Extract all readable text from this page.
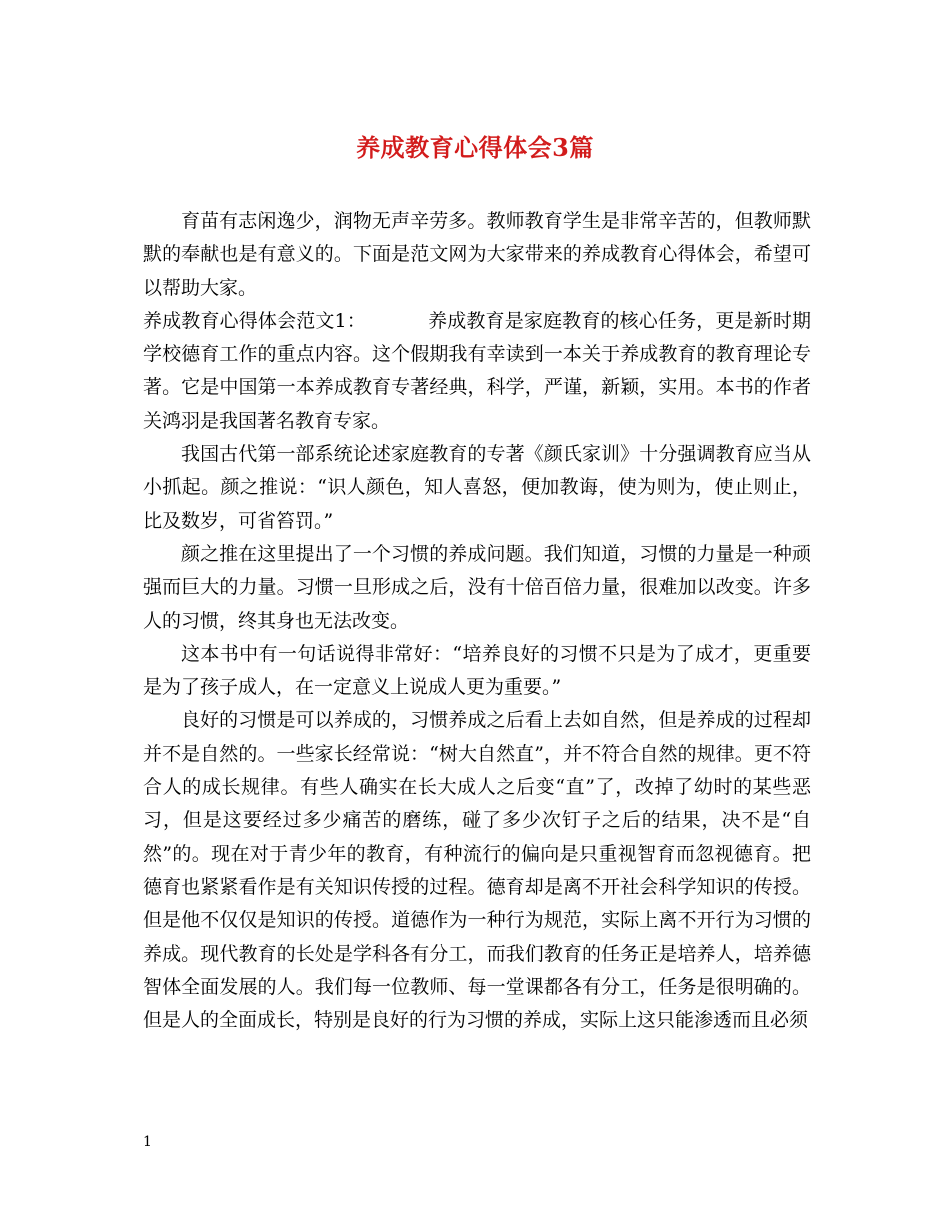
养成教育心得体会3篇

育苗有志闲逸少，润物无声辛劳多。教师教育学生是非常辛苦的，但教师默默的奉献也是有意义的。下面是范文网为大家带来的养成教育心得体会，希望可以帮助大家。

养成教育心得体会范文1：	养成教育是家庭教育的核心任务，更是新时期学校德育工作的重点内容。这个假期我有幸读到一本关于养成教育的教育理论专著。它是中国第一本养成教育专著经典，科学，严谨，新颖，实用。本书的作者关鸿羽是我国著名教育专家。

我国古代第一部系统论述家庭教育的专著《颜氏家训》十分强调教育应当从小抓起。颜之推说：“识人颜色，知人喜怒，便加教诲，使为则为，使止则止，比及数岁，可省笞罚。”

颜之推在这里提出了一个习惯的养成问题。我们知道，习惯的力量是一种顽强而巨大的力量。习惯一旦形成之后，没有十倍百倍力量，很难加以改变。许多人的习惯，终其身也无法改变。

这本书中有一句话说得非常好：“培养良好的习惯不只是为了成才，更重要是为了孩子成人，在一定意义上说成人更为重要。”

良好的习惯是可以养成的，习惯养成之后看上去如自然，但是养成的过程却并不是自然的。一些家长经常说：“树大自然直”，并不符合自然的规律。更不符合人的成长规律。有些人确实在长大成人之后变“直”了，改掉了幼时的某些恶习，但是这要经过多少痛苦的磨练，碰了多少次钉子之后的结果，决不是“自然”的。现在对于青少年的教育，有种流行的偏向是只重视智育而忽视德育。把德育也紧紧看作是有关知识传授的过程。德育却是离不开社会科学知识的传授。但是他不仅仅是知识的传授。道德作为一种行为规范，实际上离不开行为习惯的养成。现代教育的长处是学科各有分工，而我们教育的任务正是培养人，培养德智体全面发展的人。我们每一位教师、每一堂课都各有分工，任务是很明确的。但是人的全面成长，特别是良好的行为习惯的养成，实际上这只能渗透而且必须

1
